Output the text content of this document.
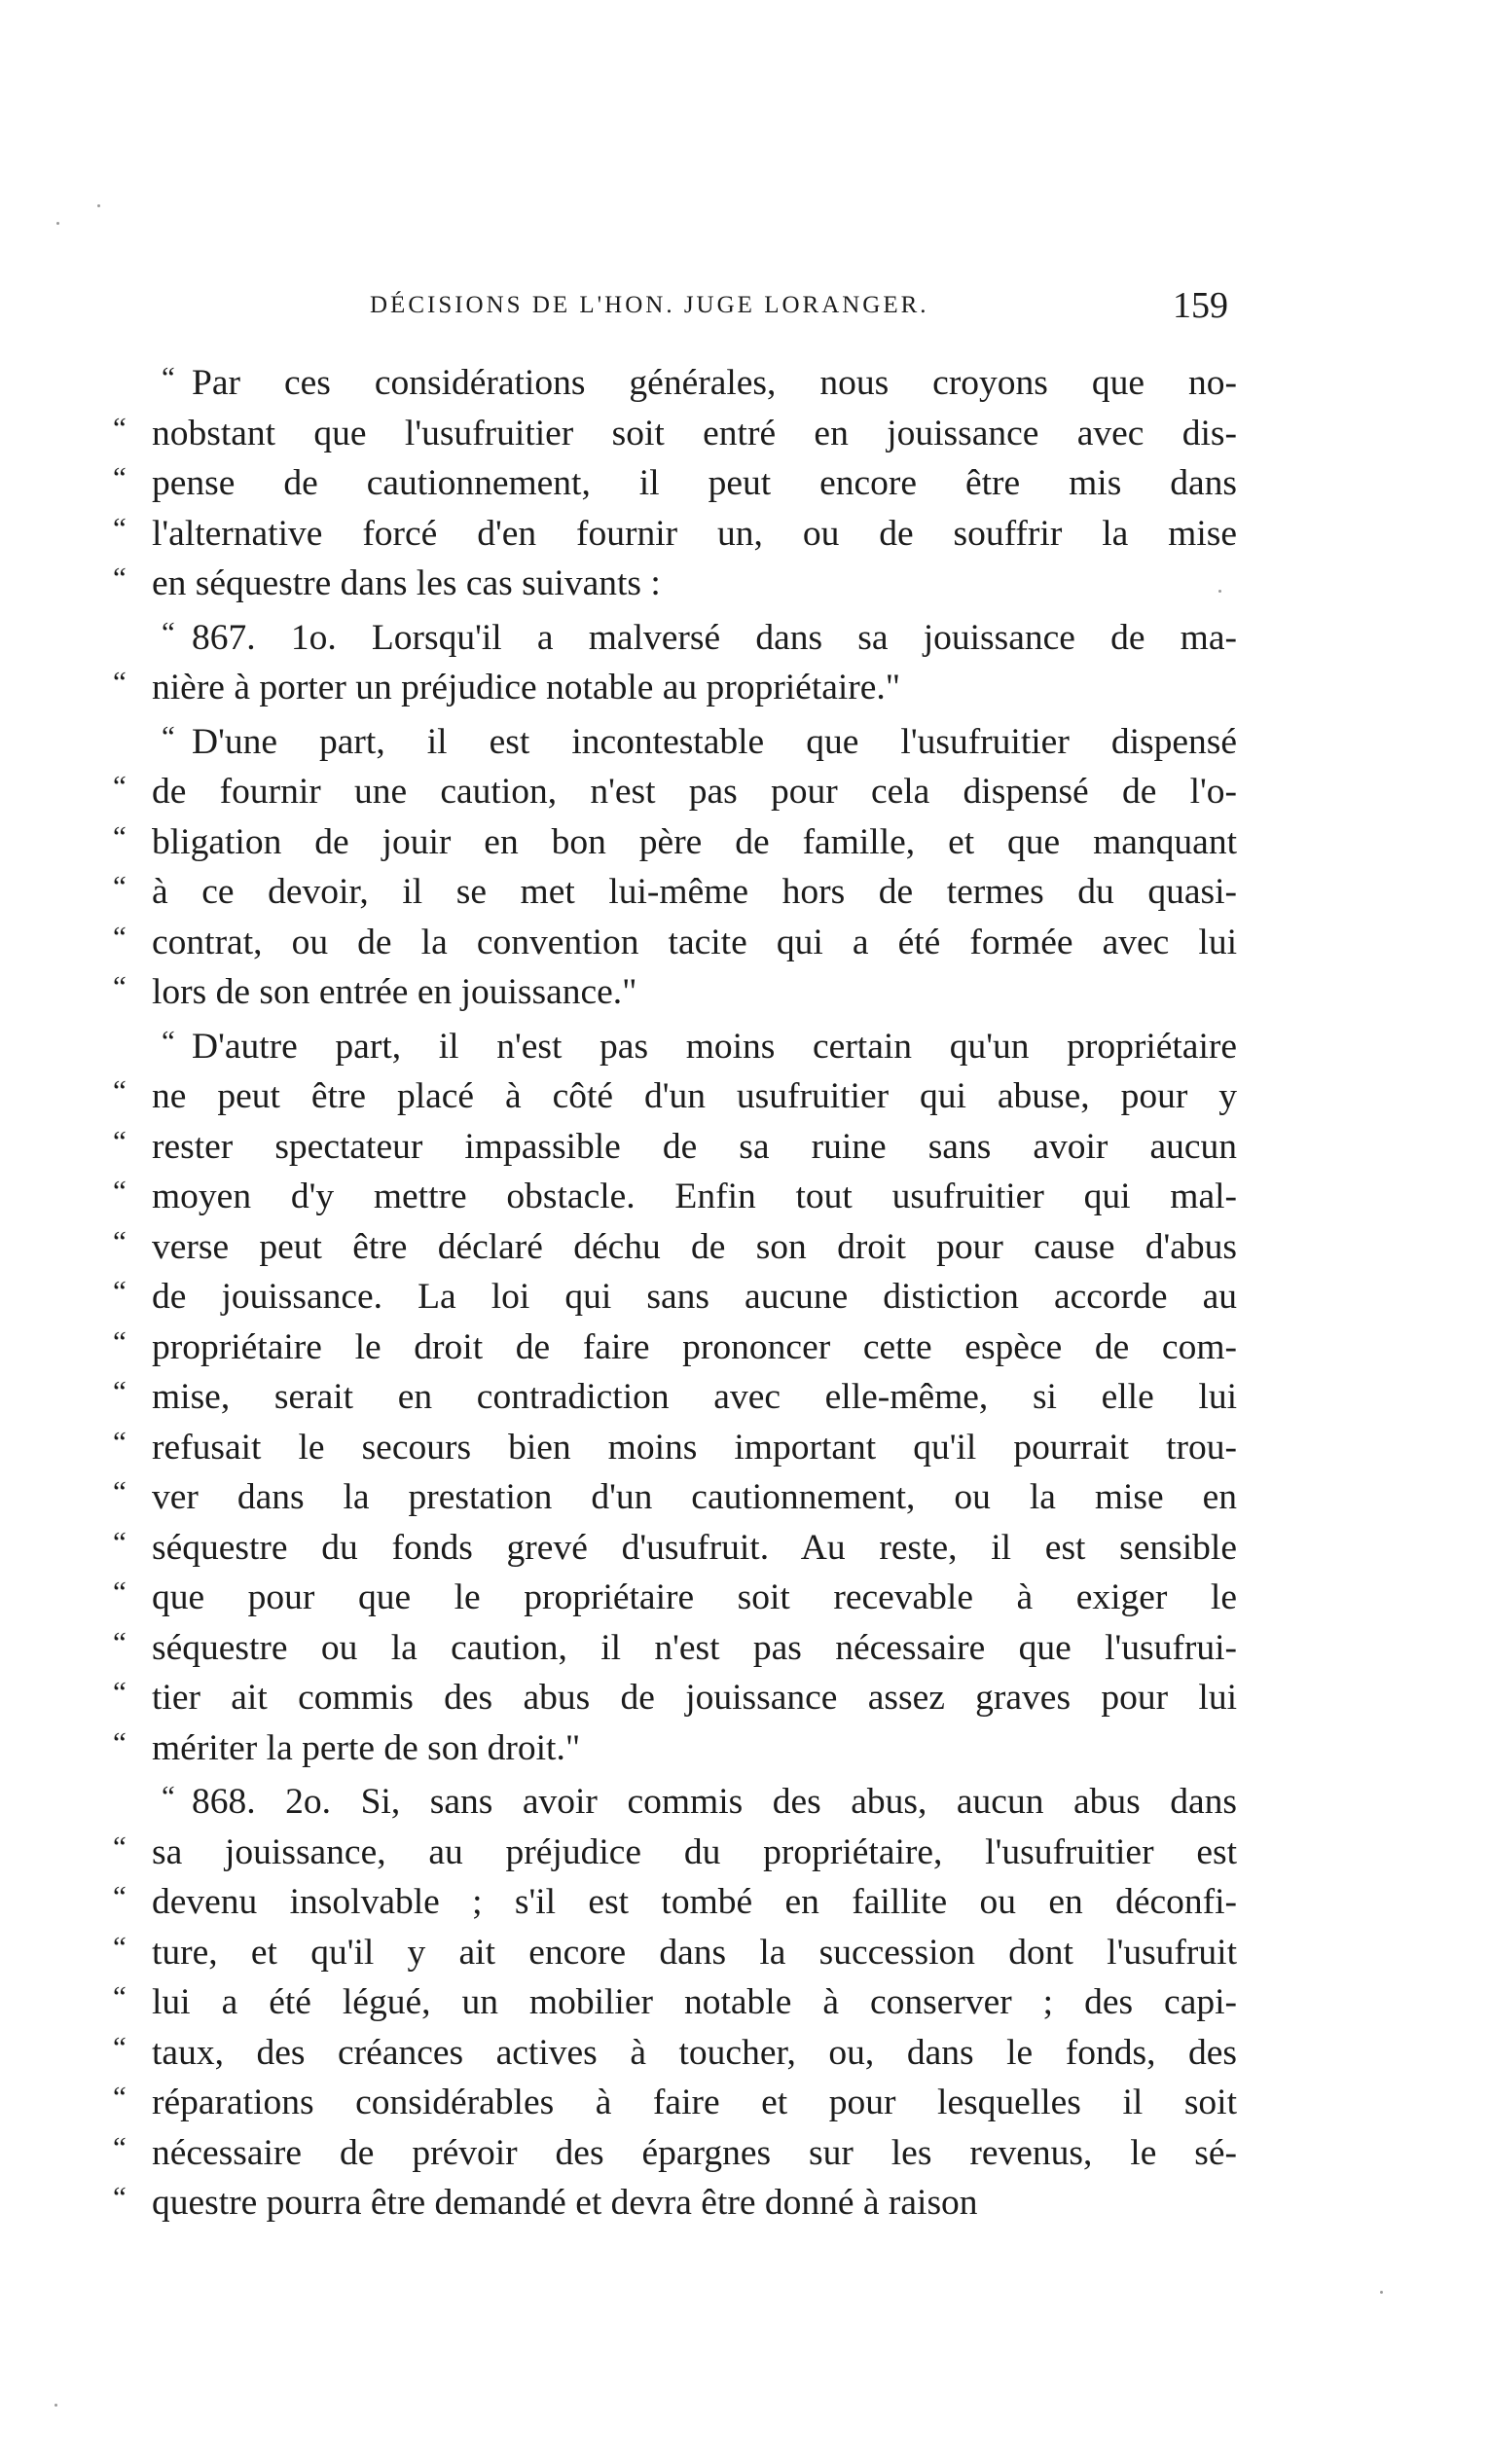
DÉCISIONS DE L'HON. JUGE LORANGER.	159
“ Par ces considérations générales, nous croyons que no-
“ nobstant que l'usufruitier soit entré en jouissance avec dis-
“ pense de cautionnement, il peut encore être mis dans
“ l'alternative forcé d'en fournir un, ou de souffrir la mise
“ en séquestre dans les cas suivants :
“ 867. 1o. Lorsqu'il a malversé dans sa jouissance de ma-
“ nière à porter un préjudice notable au propriétaire."
“ D'une part, il est incontestable que l'usufruitier dispensé
“ de fournir une caution, n'est pas pour cela dispensé de l'o-
“ bligation de jouir en bon père de famille, et que manquant
“ à ce devoir, il se met lui-même hors de termes du quasi-
“ contrat, ou de la convention tacite qui a été formée avec lui
“ lors de son entrée en jouissance."
“ D'autre part, il n'est pas moins certain qu'un propriétaire
“ ne peut être placé à côté d'un usufruitier qui abuse, pour y
“ rester spectateur impassible de sa ruine sans avoir aucun
“ moyen d'y mettre obstacle. Enfin tout usufruitier qui mal-
“ verse peut être déclaré déchu de son droit pour cause d'abus
“ de jouissance. La loi qui sans aucune distiction accorde au
“ propriétaire le droit de faire prononcer cette espèce de com-
“ mise, serait en contradiction avec elle-même, si elle lui
“ refusait le secours bien moins important qu'il pourrait trou-
“ ver dans la prestation d'un cautionnement, ou la mise en
“ séquestre du fonds grevé d'usufruit. Au reste, il est sensible
“ que pour que le propriétaire soit recevable à exiger le
“ séquestre ou la caution, il n'est pas nécessaire que l'usufrui-
“ tier ait commis des abus de jouissance assez graves pour lui
“ mériter la perte de son droit."
“ 868. 2o. Si, sans avoir commis des abus, aucun abus dans
“ sa jouissance, au préjudice du propriétaire, l'usufruitier est
“ devenu insolvable ; s'il est tombé en faillite ou en déconfi-
“ ture, et qu'il y ait encore dans la succession dont l'usufruit
“ lui a été légué, un mobilier notable à conserver ; des capi-
“ taux, des créances actives à toucher, ou, dans le fonds, des
“ réparations considérables à faire et pour lesquelles il soit
“ nécessaire de prévoir des épargnes sur les revenus, le sé-
“ questre pourra être demandé et devra être donné à raison
